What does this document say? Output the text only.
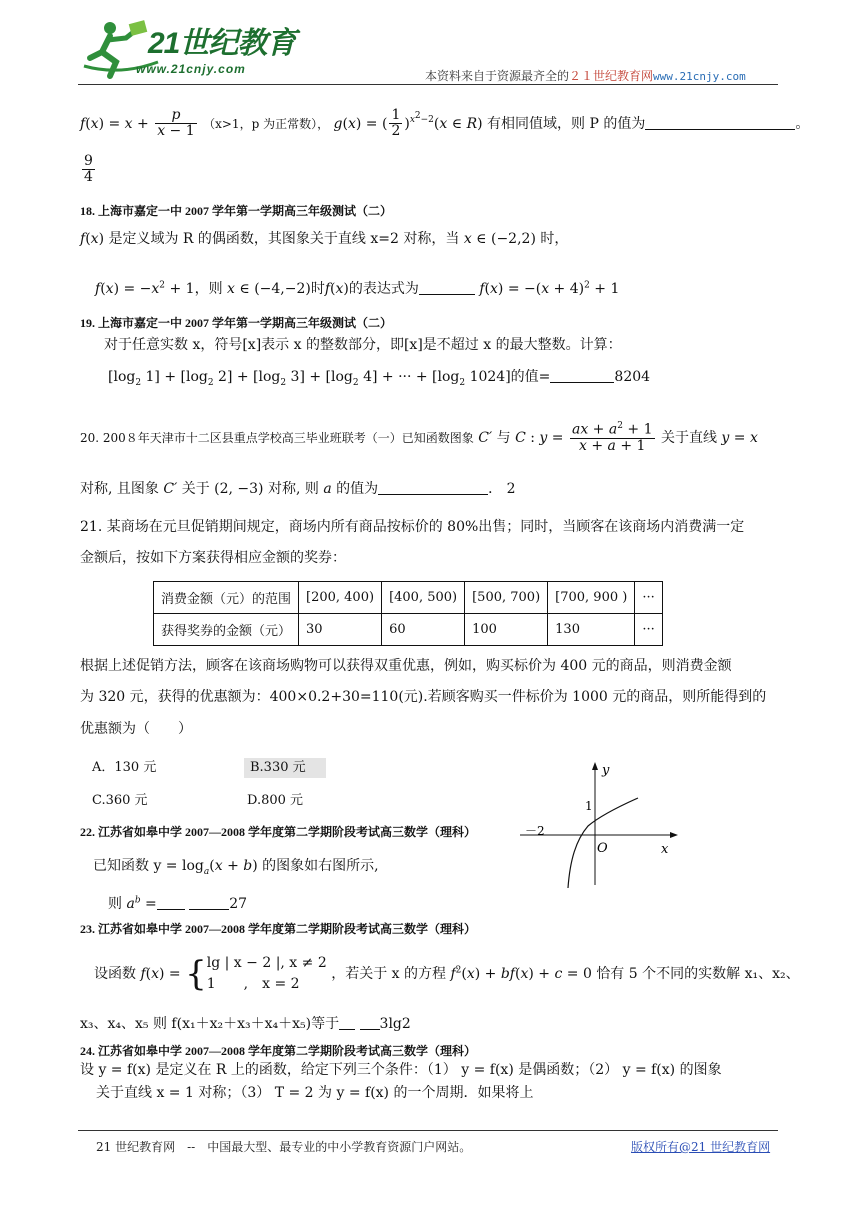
21世纪教育
www.21cnjy.com	本资料来自于资源最齐全的２１世纪教育网www.21cnjy.com
$f(x) = x + \frac{p}{x - 1} (x>1$，p 为正常数）， g(x) = ( $\frac{1}{2} )^{x^2-2}(x$ ∈ R) 有相同值域，则 P 的值为	。
$\frac{9}{4}$
18. 上海市嘉定一中 2007 学年第一学期高三年级测试（二）
f(x) 是定义域为 R 的偶函数，其图象关于直线 x=2 对称，当 x ∈ (−2,2) 时，
$f(x) = -x^2 + 1$，则 x ∈ (−4,−2)时f(x)的表达式为	$f(x) = -(x + 4)^2 + 1$
19. 上海市嘉定一中 2007 学年第一学期高三年级测试（二）
对于任意实数 x，符号[x]表示 x 的整数部分，即[x]是不超过 x 的最大整数。计算：
[$\log_2$ $1] + [\log_2$ $2] + [\log_2$ $3] + [\log_2$ 4] + ··· + [$\log_2$ 1024]的值=	8204
20. 200８年天津市十二区县重点学校高三毕业班联考（一）已知函数图象 C′ 与 C : $y = \frac{ax + a^2 + 1}{x + a + 1}$ 关于直线 y = x
对称, 且图象 C′ 关于 (2, −3) 对称, 则 a 的值为	． 2
21. 某商场在元旦促销期间规定，商场内所有商品按标价的 80%出售；同时，当顾客在该商场内消费满一定
金额后，按如下方案获得相应金额的奖券：
消费金额（元）的范围	[200, 400)	[400, 500)	[500, 700)	[700, 900 )	···
获得奖券的金额（元）	30	60	100	130	···
根据上述促销方法，顾客在该商场购物可以获得双重优惠，例如，购买标价为 400 元的商品，则消费金额
为 320 元，获得的优惠额为：400×0.2+30=110(元).若顾客购买一件标价为 1000 元的商品，则所能得到的
优惠额为（　　）
A．130 元	B.330 元
C.360 元	D.800 元
y
x
O
1
－2
22. 江苏省如皋中学 2007—2008 学年度第二学期阶段考试高三数学（理科）
已知函数 $y = \log_a(x + b)$ 的图象如右图所示,
则 $a^b$ =	27
23. 江苏省如皋中学 2007—2008 学年度第二学期阶段考试高三数学（理科）
设函数 f(x) = { lg | x − 2 |, x ≠ 2
1　　,　x = 2
，若关于 x 的方程 $f^2(x) + bf(x) + c = 0$ 恰有 5 个不同的实数解 x₁、x₂、
x₃、x₄、x₅ 则 f(x₁＋x₂＋x₃＋x₄＋x₅)等于	3lg2
24. 江苏省如皋中学 2007—2008 学年度第二学期阶段考试高三数学（理科）
设 y = f(x) 是定义在 R 上的函数，给定下列三个条件：（1） y = f(x) 是偶函数；（2） y = f(x) 的图象
关于直线 x = 1 对称；（3） T = 2 为 y = f(x) 的一个周期．如果将上
21 世纪教育网　--　中国最大型、最专业的中小学教育资源门户网站。	版权所有@21 世纪教育网
